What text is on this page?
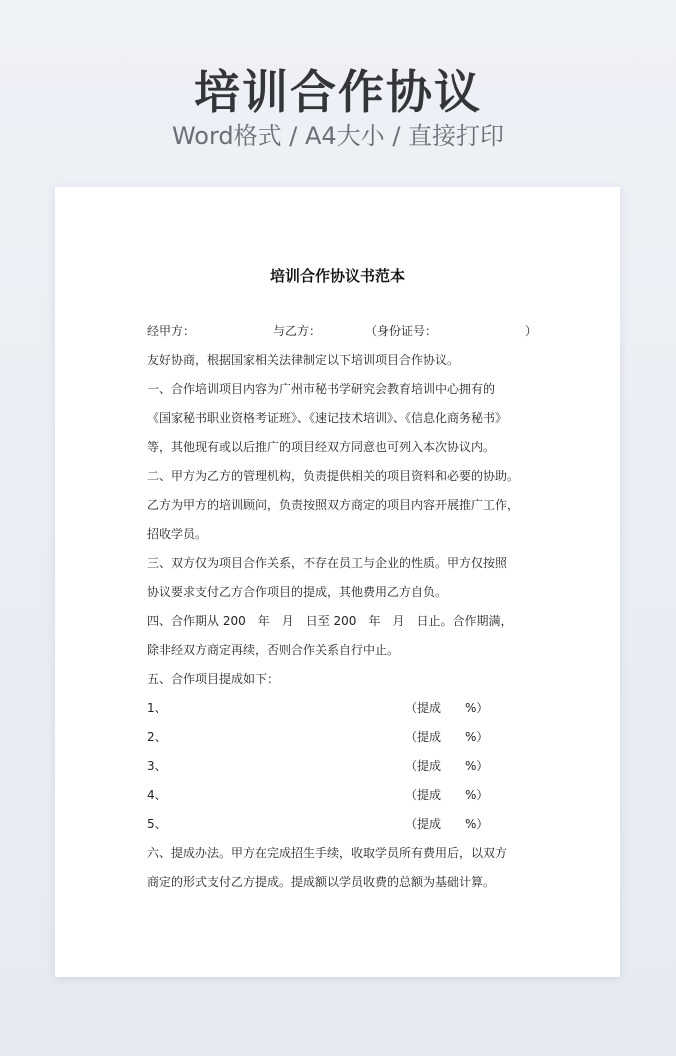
培训合作协议
Word格式 / A4大小 / 直接打印
培训合作协议书范本
经甲方：	与乙方：	（身份证号：	）
友好协商，根据国家相关法律制定以下培训项目合作协议。
一、合作培训项目内容为广州市秘书学研究会教育培训中心拥有的
《国家秘书职业资格考证班》、《速记技术培训》、《信息化商务秘书》
等，其他现有或以后推广的项目经双方同意也可列入本次协议内。
二、甲方为乙方的管理机构，负责提供相关的项目资料和必要的协助。
乙方为甲方的培训顾问，负责按照双方商定的项目内容开展推广工作，
招收学员。
三、双方仅为项目合作关系，不存在员工与企业的性质。甲方仅按照
协议要求支付乙方合作项目的提成，其他费用乙方自负。
四、合作期从 200　年　月　日至 200　年　月　日止。合作期满，
除非经双方商定再续，否则合作关系自行中止。
五、合作项目提成如下：
1、	（提成　　%）
2、	（提成　　%）
3、	（提成　　%）
4、	（提成　　%）
5、	（提成　　%）
六、提成办法。甲方在完成招生手续，收取学员所有费用后，以双方
商定的形式支付乙方提成。提成额以学员收费的总额为基础计算。
